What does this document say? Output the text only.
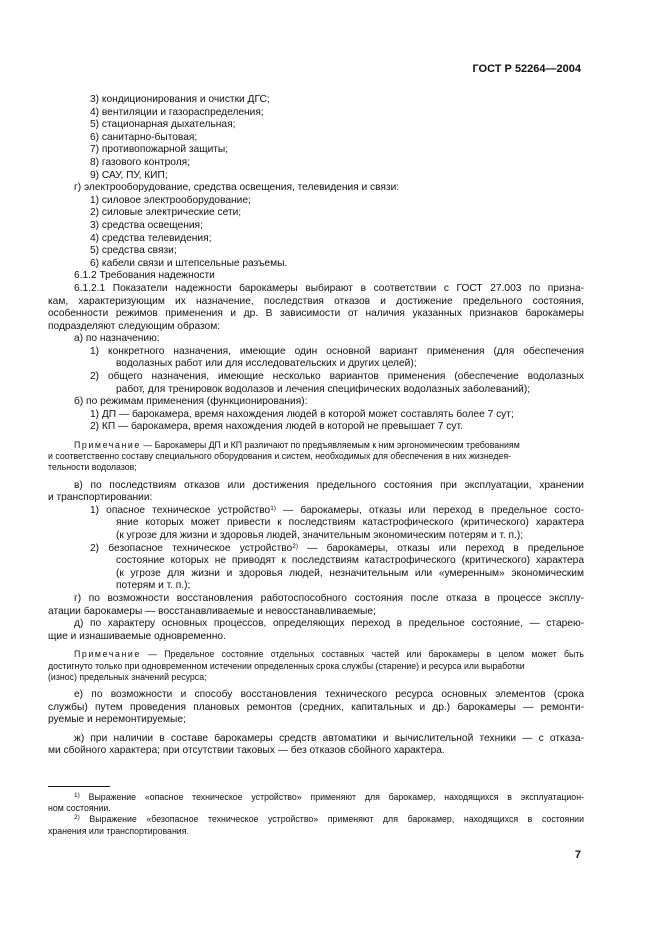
ГОСТ Р 52264—2004
3) кондиционирования и очистки ДГС;
4) вентиляции и газораспределения;
5) стационарная дыхательная;
6) санитарно-бытовая;
7) противопожарной защиты;
8) газового контроля;
9) САУ, ПУ, КИП;
г) электрооборудование, средства освещения, телевидения и связи:
1) силовое электрооборудование;
2) силовые электрические сети;
3) средства освещения;
4) средства телевидения;
5) средства связи;
6) кабели связи и штепсельные разъемы.
6.1.2 Требования надежности
6.1.2.1 Показатели надежности барокамеры выбирают в соответствии с ГОСТ 27.003 по призна-
кам, характеризующим их назначение, последствия отказов и достижение предельного состояния,
особенности режимов применения и др. В зависимости от наличия указанных признаков барокамеры
подразделяют следующим образом:
а) по назначению:
1) конкретного назначения, имеющие один основной вариант применения (для обеспечения
водолазных работ или для исследовательских и других целей);
2) общего назначения, имеющие несколько вариантов применения (обеспечение водолазных
работ, для тренировок водолазов и лечения специфических водолазных заболеваний);
б) по режимам применения (функционирования):
1) ДП — барокамера, время нахождения людей в которой может составлять более 7 сут;
2) КП — барокамера, время нахождения людей в которой не превышает 7 сут.
Примечание — Барокамеры ДП и КП различают по предъявляемым к ним эргономическим требованиям
и соответственно составу специального оборудования и систем, необходимых для обеспечения в них жизнедея-
тельности водолазов;
в) по последствиям отказов или достижения предельного состояния при эксплуатации, хранении
и транспортировании:
1) опасное техническое устройство$^{1)}$ — барокамеры, отказы или переход в предельное состо-
яние которых может привести к последствиям катастрофического (критического) характера
(к угрозе для жизни и здоровья людей, значительным экономическим потерям и т. п.);
2) безопасное техническое устройство$^{2)}$ — барокамеры, отказы или переход в предельное
состояние которых не приводят к последствиям катастрофического (критического) характера
(к угрозе для жизни и здоровья людей, незначительным или «умеренным» экономическим
потерям и т. п.);
г) по возможности восстановления работоспособного состояния после отказа в процессе эксплу-
атации барокамеры — восстанавливаемые и невосстанавливаемые;
д) по характеру основных процессов, определяющих переход в предельное состояние, — старею-
щие и изнашиваемые одновременно.
Примечание — Предельное состояние отдельных составных частей или барокамеры в целом может быть
достигнуто только при одновременном истечении определенных срока службы (старение) и ресурса или выработки
(износ) предельных значений ресурса;
е) по возможности и способу восстановления технического ресурса основных элементов (срока
службы) путем проведения плановых ремонтов (средних, капитальных и др.) барокамеры — ремонти-
руемые и неремонтируемые;
ж) при наличии в составе барокамеры средств автоматики и вычислительной техники — с отказа-
ми сбойного характера; при отсутствии таковых — без отказов сбойного характера.
$^{1)}$ Выражение «опасное техническое устройство» применяют для барокамер, находящихся в эксплуатацион-
ном состоянии.
$^{2)}$ Выражение «безопасное техническое устройство» применяют для барокамер, находящихся в состоянии
хранения или транспортирования.
7
